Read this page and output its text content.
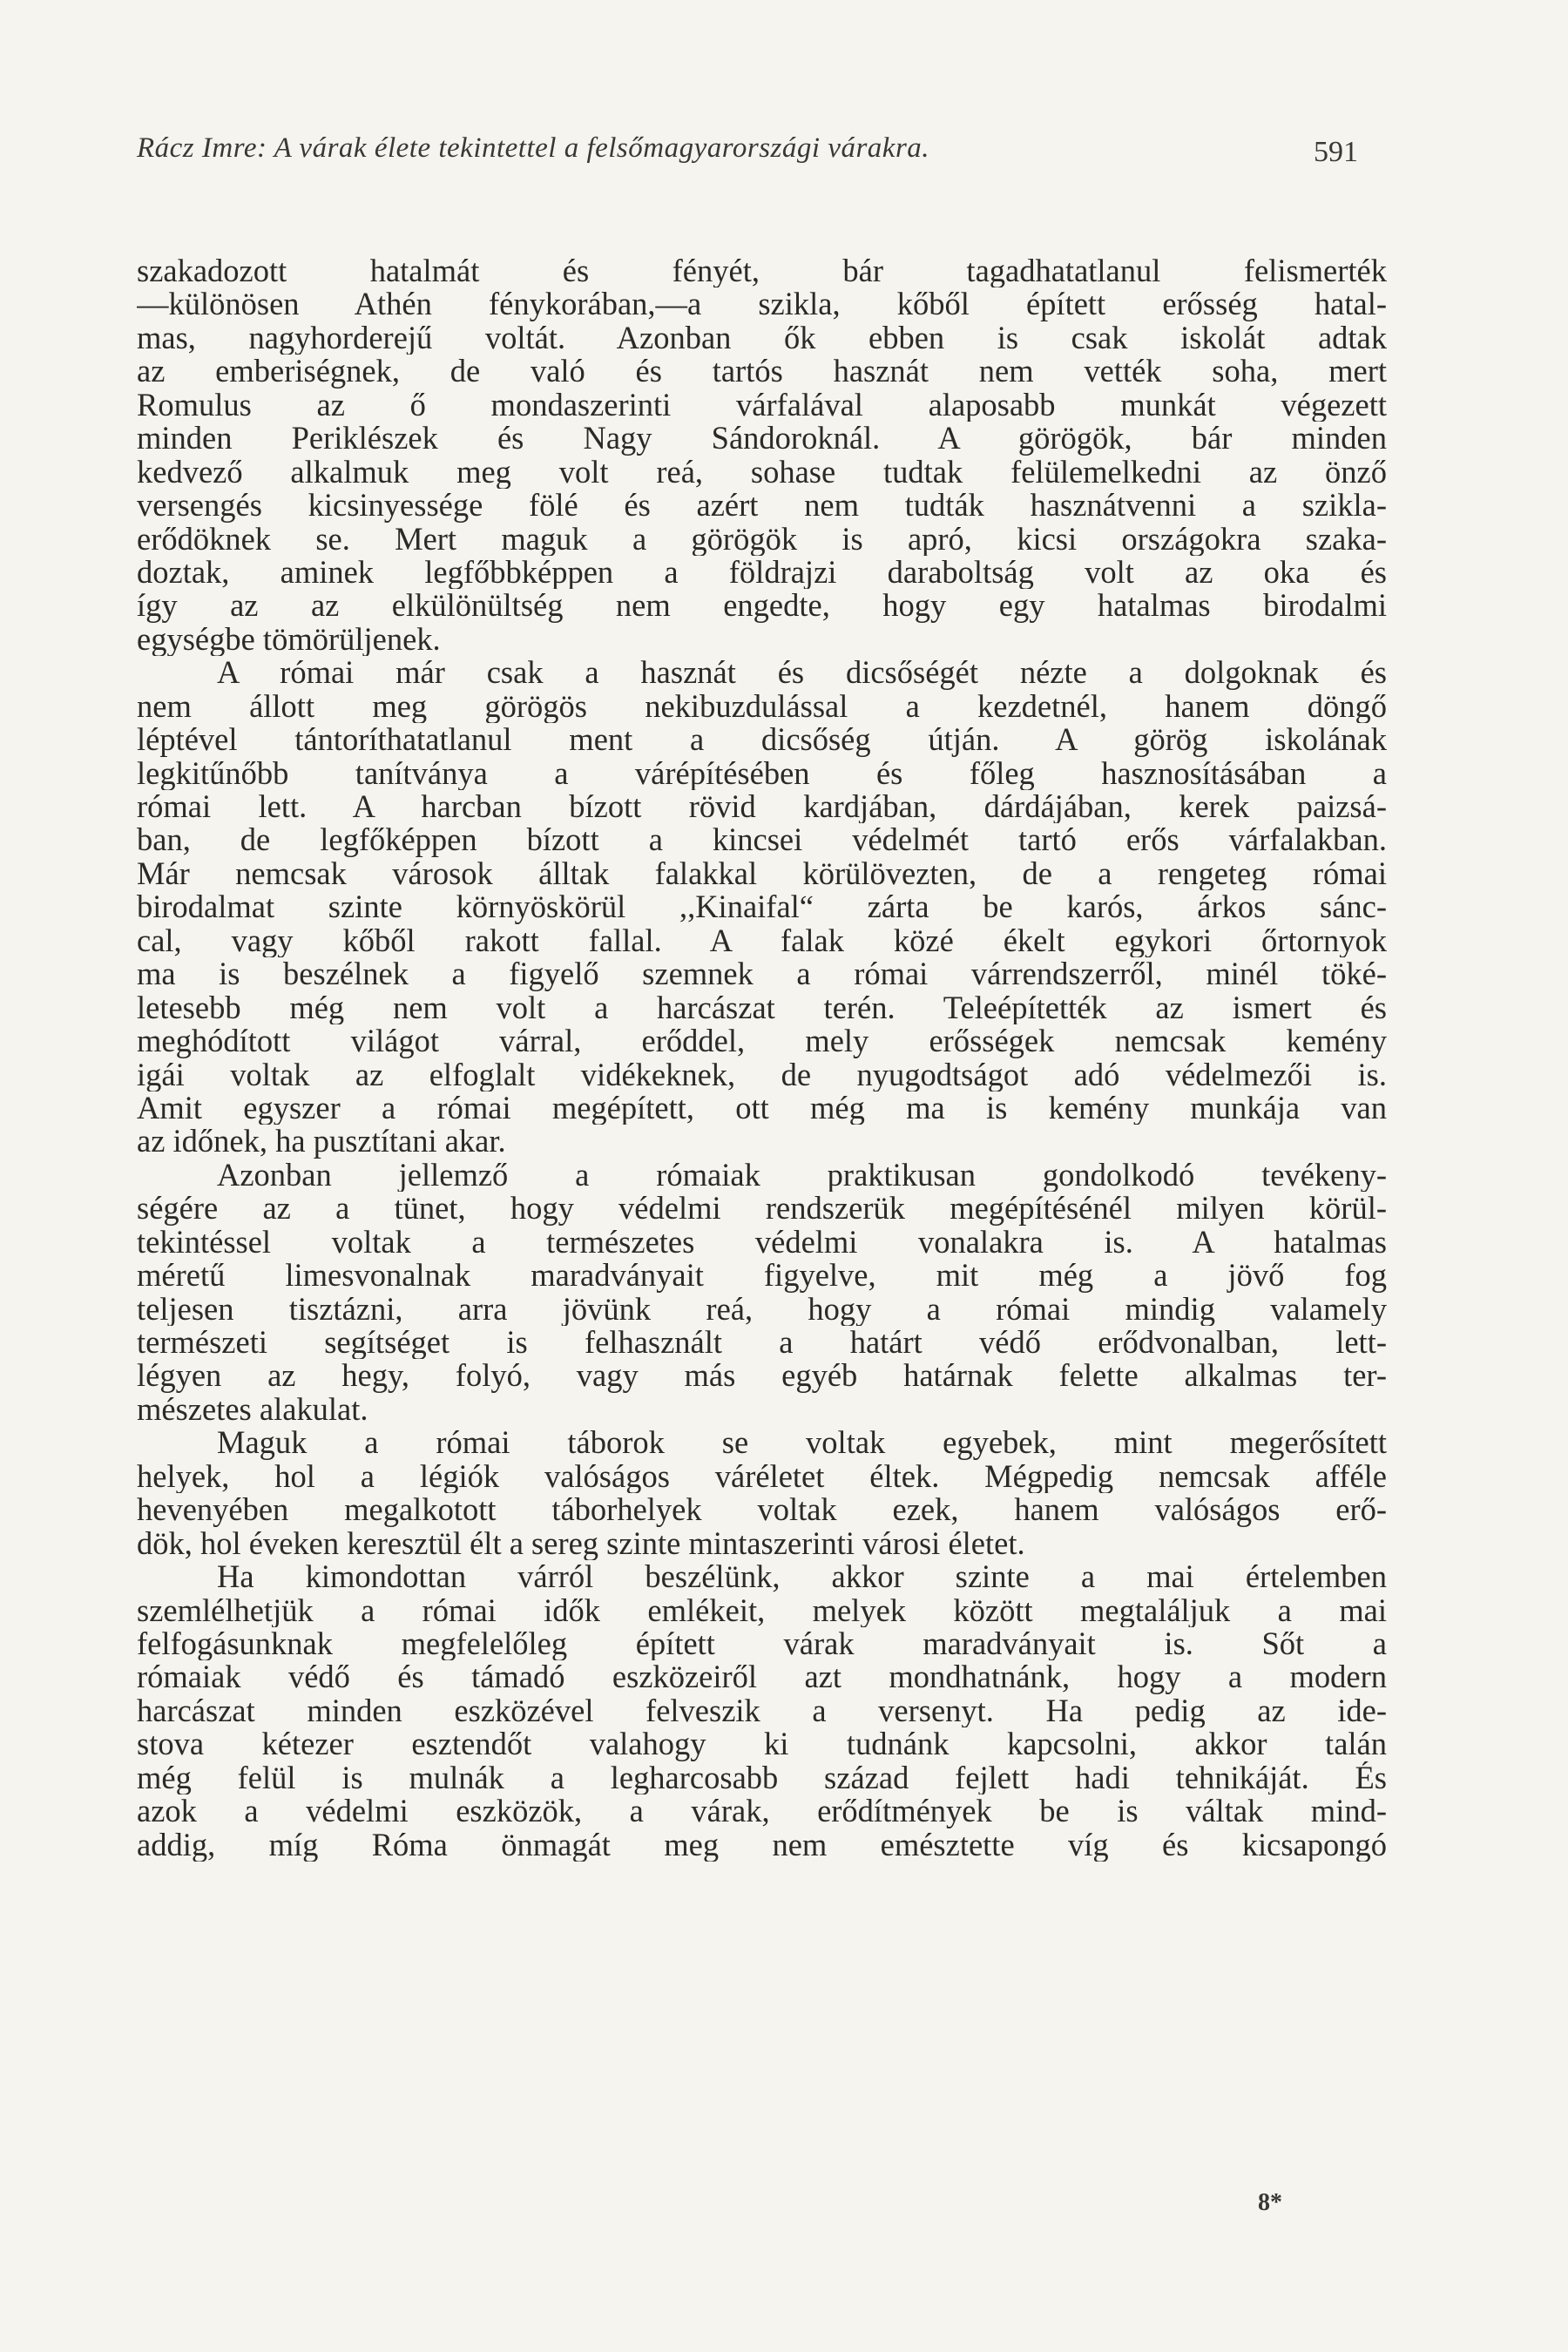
Rácz Imre: A várak élete tekintettel a felsőmagyarországi várakra.	591
szakadozott hatalmát és fényét, bár tagadhatatlanul felismerték
—különösen Athén fénykorában,—a szikla, kőből épített erősség hatal-
mas, nagyhorderejű voltát. Azonban ők ebben is csak iskolát adtak
az emberiségnek, de való és tartós hasznát nem vették soha, mert
Romulus az ő mondaszerinti várfalával alaposabb munkát végezett
minden Periklészek és Nagy Sándoroknál. A görögök, bár minden
kedvező alkalmuk meg volt reá, sohase tudtak felülemelkedni az önző
versengés kicsinyessége fölé és azért nem tudták hasznátvenni a szikla-
erődöknek se. Mert maguk a görögök is apró, kicsi országokra szaka-
doztak, aminek legfőbbképpen a földrajzi daraboltság volt az oka és
így az az elkülönültség nem engedte, hogy egy hatalmas birodalmi
egységbe tömörüljenek.
A római már csak a hasznát és dicsőségét nézte a dolgoknak és
nem állott meg görögös nekibuzdulással a kezdetnél, hanem döngő
léptével tántoríthatatlanul ment a dicsőség útján. A görög iskolának
legkitűnőbb tanítványa a várépítésében és főleg hasznosításában a
római lett. A harcban bízott rövid kardjában, dárdájában, kerek paizsá-
ban, de legfőképpen bízott a kincsei védelmét tartó erős várfalakban.
Már nemcsak városok álltak falakkal körülövezten, de a rengeteg római
birodalmat szinte környöskörül ,,Kinaifal“ zárta be karós, árkos sánc-
cal, vagy kőből rakott fallal. A falak közé ékelt egykori őrtornyok
ma is beszélnek a figyelő szemnek a római várrendszerről, minél töké-
letesebb még nem volt a harcászat terén. Teleépítették az ismert és
meghódított világot várral, erőddel, mely erősségek nemcsak kemény
igái voltak az elfoglalt vidékeknek, de nyugodtságot adó védelmezői is.
Amit egyszer a római megépített, ott még ma is kemény munkája van
az időnek, ha pusztítani akar.
Azonban jellemző a rómaiak praktikusan gondolkodó tevékeny-
ségére az a tünet, hogy védelmi rendszerük megépítésénél milyen körül-
tekintéssel voltak a természetes védelmi vonalakra is. A hatalmas
méretű limesvonalnak maradványait figyelve, mit még a jövő fog
teljesen tisztázni, arra jövünk reá, hogy a római mindig valamely
természeti segítséget is felhasznált a határt védő erődvonalban, lett-
légyen az hegy, folyó, vagy más egyéb határnak felette alkalmas ter-
mészetes alakulat.
Maguk a római táborok se voltak egyebek, mint megerősített
helyek, hol a légiók valóságos váréletet éltek. Mégpedig nemcsak afféle
hevenyében megalkotott táborhelyek voltak ezek, hanem valóságos erő-
dök, hol éveken keresztül élt a sereg szinte mintaszerinti városi életet.
Ha kimondottan várról beszélünk, akkor szinte a mai értelemben
szemlélhetjük a római idők emlékeit, melyek között megtaláljuk a mai
felfogásunknak megfelelőleg épített várak maradványait is. Sőt a
rómaiak védő és támadó eszközeiről azt mondhatnánk, hogy a modern
harcászat minden eszközével felveszik a versenyt. Ha pedig az ide-
stova kétezer esztendőt valahogy ki tudnánk kapcsolni, akkor talán
még felül is mulnák a legharcosabb század fejlett hadi tehnikáját. És
azok a védelmi eszközök, a várak, erődítmények be is váltak mind-
addig, míg Róma önmagát meg nem emésztette víg és kicsapongó
8*
